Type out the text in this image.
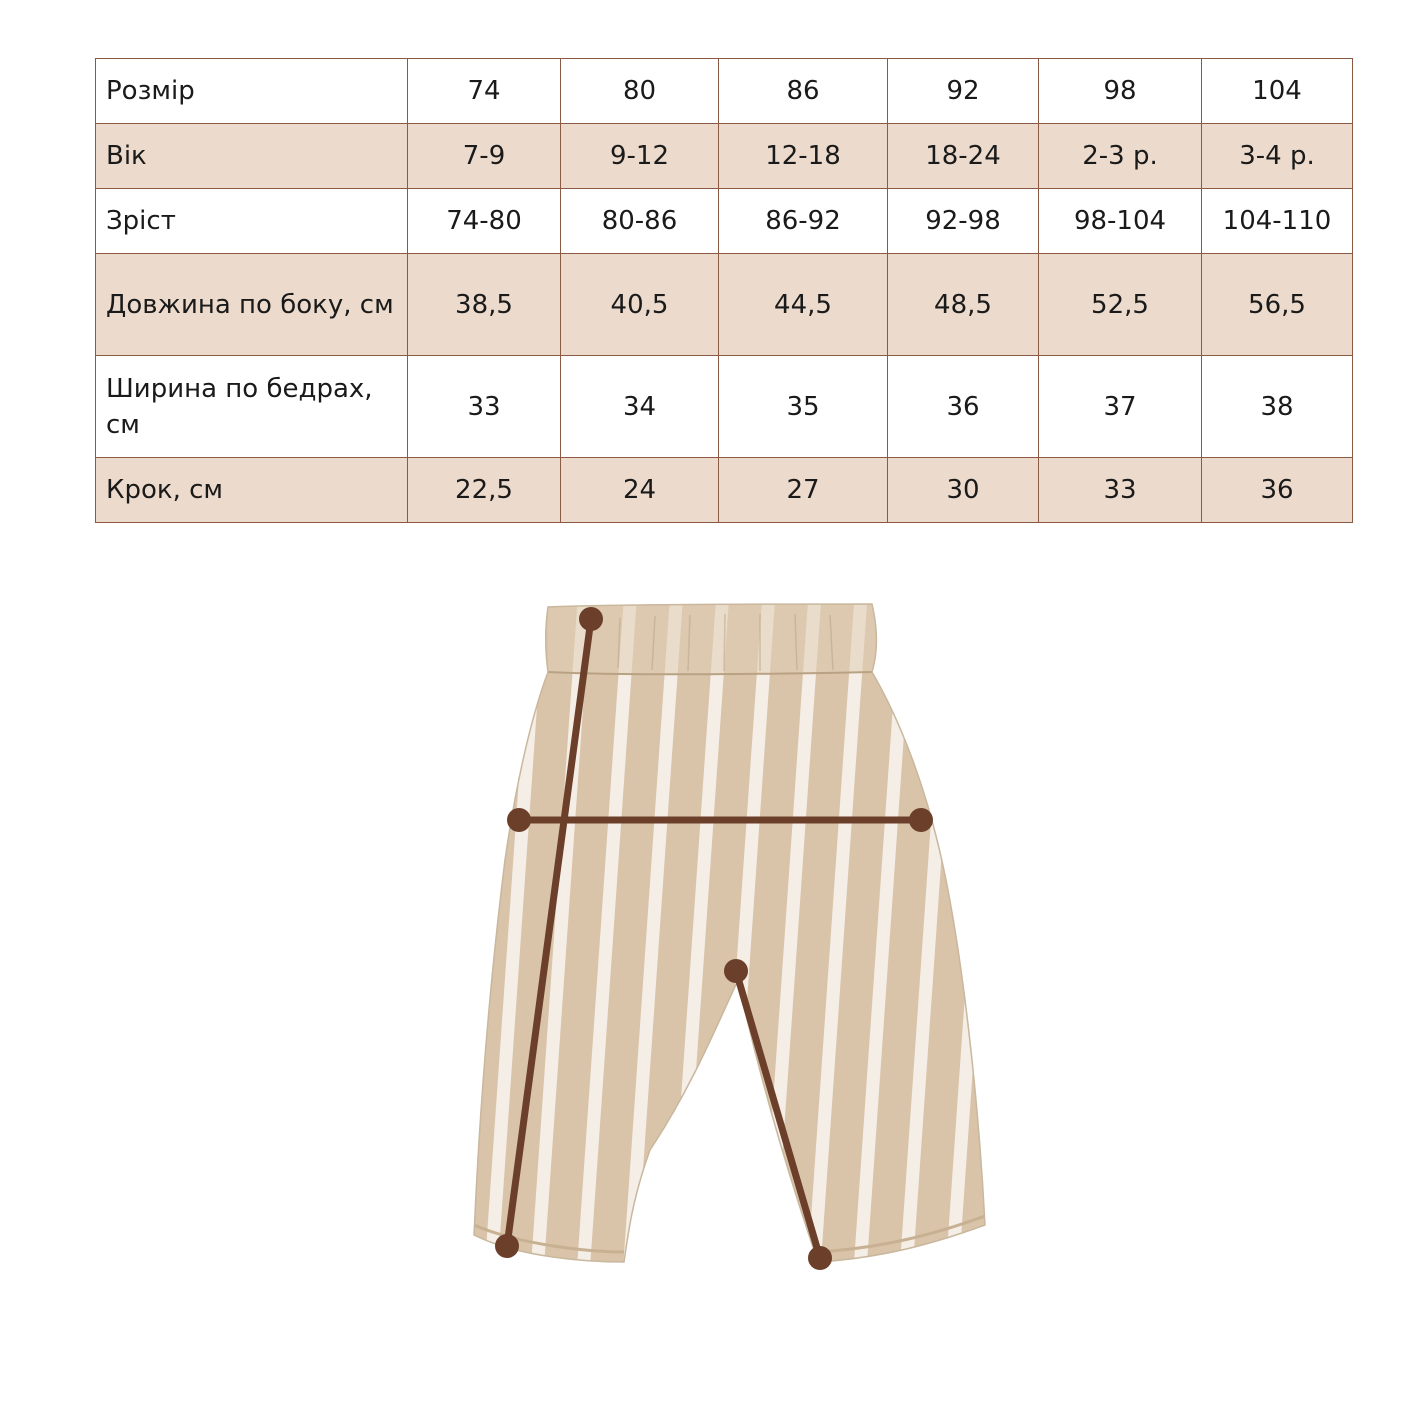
Розмір	74	80	86	92	98	104
Вік	7-9	9-12	12-18	18-24	2-3 р.	3-4 р.
Зріст	74-80	80-86	86-92	92-98	98-104	104-110
Довжина по боку, см	38,5	40,5	44,5	48,5	52,5	56,5
Ширина по бедрах, см	33	34	35	36	37	38
Крок, см	22,5	24	27	30	33	36
